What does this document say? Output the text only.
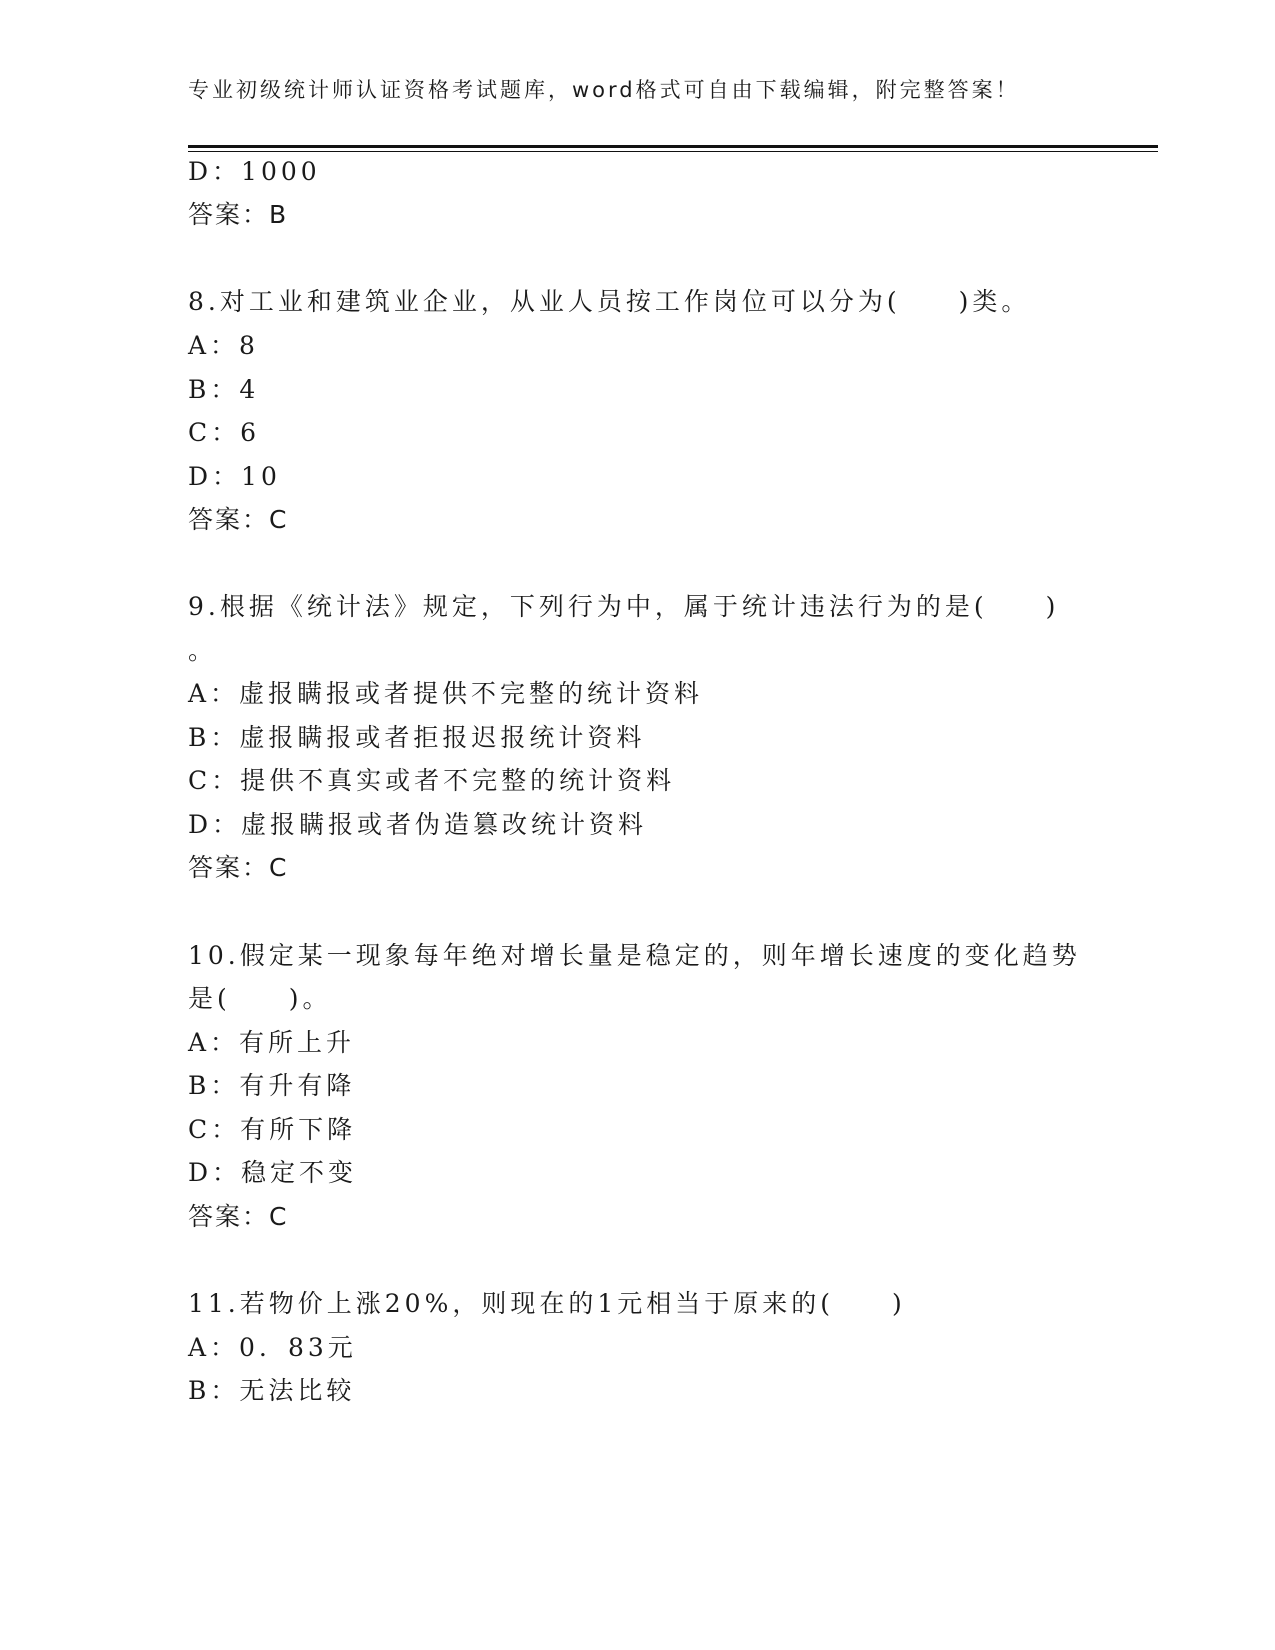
专业初级统计师认证资格考试题库，word格式可自由下载编辑，附完整答案！
D：1000
答案：B
8.对工业和建筑业企业，从业人员按工作岗位可以分为(　　)类。
A：8
B：4
C：6
D：10
答案：C
9.根据《统计法》规定，下列行为中，属于统计违法行为的是(　　)
。
A：虚报瞒报或者提供不完整的统计资料
B：虚报瞒报或者拒报迟报统计资料
C：提供不真实或者不完整的统计资料
D：虚报瞒报或者伪造篡改统计资料
答案：C
10.假定某一现象每年绝对增长量是稳定的，则年增长速度的变化趋势
是(　　)。
A：有所上升
B：有升有降
C：有所下降
D：稳定不变
答案：C
11.若物价上涨20%，则现在的1元相当于原来的(　　)
A：0．83元
B：无法比较
